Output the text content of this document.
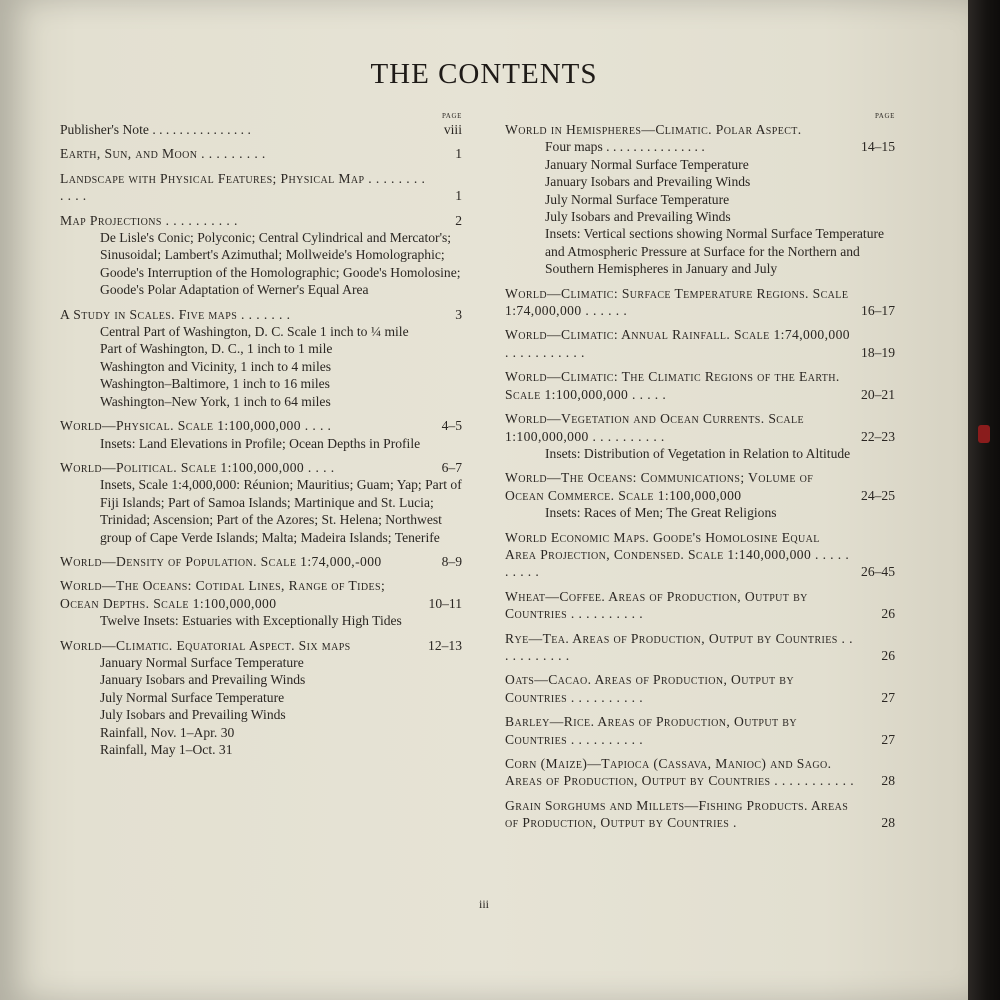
THE CONTENTS
PAGE
Publisher's Note . . . . . . . . . . . . . . .	viii
Earth, Sun, and Moon . . . . . . . . .	1
Landscape with Physical Features; Physical Map . . . . . . . . . . . .	1
Map Projections . . . . . . . . . .	2
De Lisle's Conic; Polyconic; Central Cylindrical and Mercator's; Sinusoidal; Lambert's Azimuthal; Mollweide's Homolographic; Goode's Interruption of the Homolographic; Goode's Homolosine; Goode's Polar Adaptation of Werner's Equal Area
A Study in Scales. Five maps . . . . . . .	3
Central Part of Washington, D. C. Scale 1 inch to ¼ mile
Part of Washington, D. C., 1 inch to 1 mile
Washington and Vicinity, 1 inch to 4 miles
Washington–Baltimore, 1 inch to 16 miles
Washington–New York, 1 inch to 64 miles
World—Physical. Scale 1:100,000,000 . . . .	4–5
Insets: Land Elevations in Profile; Ocean Depths in Profile
World—Political. Scale 1:100,000,000 . . . .	6–7
Insets, Scale 1:4,000,000: Réunion; Mauritius; Guam; Yap; Part of Fiji Islands; Part of Samoa Islands; Martinique and St. Lucia; Trinidad; Ascension; Part of the Azores; St. Helena; Northwest group of Cape Verde Islands; Malta; Madeira Islands; Tenerife
World—Density of Population. Scale 1:74,000,-000	8–9
World—The Oceans: Cotidal Lines, Range of Tides; Ocean Depths. Scale 1:100,000,000	10–11
Twelve Insets: Estuaries with Exceptionally High Tides
World—Climatic. Equatorial Aspect. Six maps	12–13
January Normal Surface Temperature
January Isobars and Prevailing Winds
July Normal Surface Temperature
July Isobars and Prevailing Winds
Rainfall, Nov. 1–Apr. 30
Rainfall, May 1–Oct. 31
PAGE
World in Hemispheres—Climatic. Polar Aspect.
Four maps . . . . . . . . . . . . . . .	14–15
January Normal Surface Temperature
January Isobars and Prevailing Winds
July Normal Surface Temperature
July Isobars and Prevailing Winds
Insets: Vertical sections showing Normal Surface Temperature and Atmospheric Pressure at Surface for the Northern and Southern Hemispheres in January and July
World—Climatic: Surface Temperature Regions. Scale 1:74,000,000 . . . . . .	16–17
World—Climatic: Annual Rainfall. Scale 1:74,000,000 . . . . . . . . . . .	18–19
World—Climatic: The Climatic Regions of the Earth. Scale 1:100,000,000 . . . . .	20–21
World—Vegetation and Ocean Currents. Scale 1:100,000,000 . . . . . . . . . .	22–23
Insets: Distribution of Vegetation in Relation to Altitude
World—The Oceans: Communications; Volume of Ocean Commerce. Scale 1:100,000,000	24–25
Insets: Races of Men; The Great Religions
World Economic Maps. Goode's Homolosine Equal Area Projection, Condensed. Scale 1:140,000,000 . . . . . . . . . .	26–45
Wheat—Coffee. Areas of Production, Output by Countries . . . . . . . . . .	26
Rye—Tea. Areas of Production, Output by Countries . . . . . . . . . . .	26
Oats—Cacao. Areas of Production, Output by Countries . . . . . . . . . .	27
Barley—Rice. Areas of Production, Output by Countries . . . . . . . . . .	27
Corn (Maize)—Tapioca (Cassava, Manioc) and Sago. Areas of Production, Output by Countries . . . . . . . . . . .	28
Grain Sorghums and Millets—Fishing Products. Areas of Production, Output by Countries .	28
iii
